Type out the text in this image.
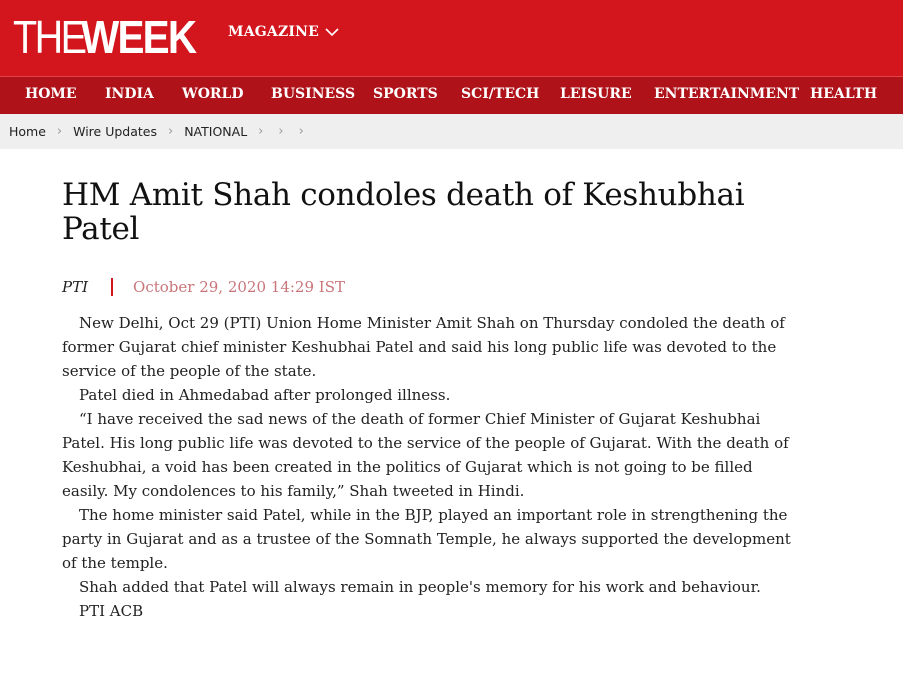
THE
WEEK MAGAZINE
HOME INDIA WORLD BUSINESS SPORTS SCI/TECH LEISURE ENTERTAINMENT HEALTH
Home › Wire Updates › NATIONAL › › ›
HM Amit Shah condoles death of Keshubhai Patel
PTI	October 29, 2020 14:29 IST

New Delhi, Oct 29 (PTI) Union Home Minister Amit Shah on Thursday condoled the death of former Gujarat chief minister Keshubhai Patel and said his long public life was devoted to the service of the people of the state.

Patel died in Ahmedabad after prolonged illness.

“I have received the sad news of the death of former Chief Minister of Gujarat Keshubhai Patel. His long public life was devoted to the service of the people of Gujarat. With the death of Keshubhai, a void has been created in the politics of Gujarat which is not going to be filled easily. My condolences to his family,” Shah tweeted in Hindi.

The home minister said Patel, while in the BJP, played an important role in strengthening the party in Gujarat and as a trustee of the Somnath Temple, he always supported the development of the temple.

Shah added that Patel will always remain in people's memory for his work and behaviour.

PTI ACB
